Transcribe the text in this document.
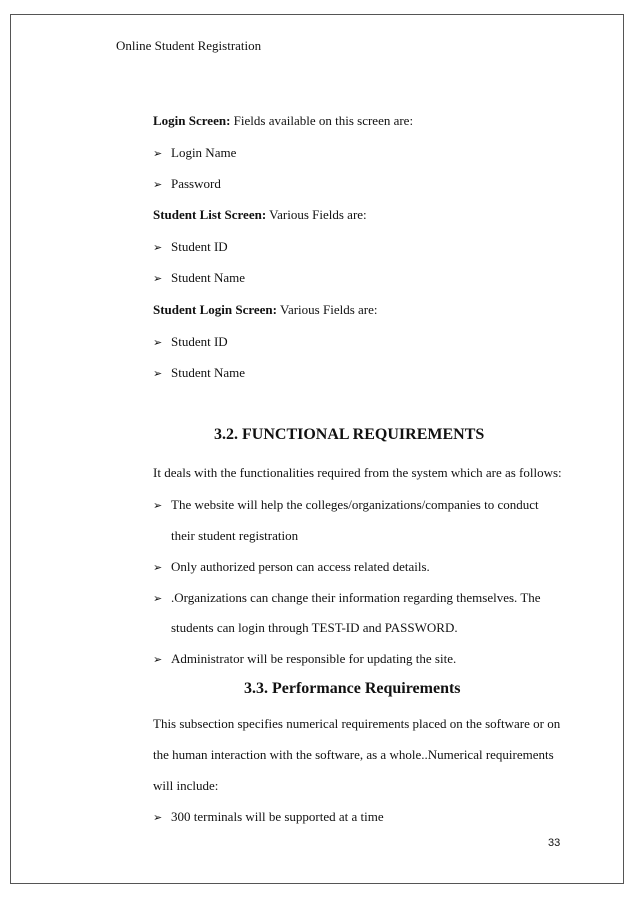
Online Student Registration
Login Screen: Fields available on this screen are:
➢ Login Name
➢ Password
Student List Screen: Various Fields are:
➢ Student ID
➢ Student Name
Student Login Screen: Various Fields are:
➢ Student ID
➢ Student Name
3.2. FUNCTIONAL REQUIREMENTS
It deals with the functionalities required from the system which are as follows:
➢ The website will help the colleges/organizations/companies to conduct
their student registration
➢ Only authorized person can access related details.
➢ .Organizations can change their information regarding themselves. The
students can login through TEST-ID and PASSWORD.
➢ Administrator will be responsible for updating the site.
3.3. Performance Requirements
This subsection specifies numerical requirements placed on the software or on
the human interaction with the software, as a whole..Numerical requirements
will include:
➢ 300 terminals will be supported at a time
33
